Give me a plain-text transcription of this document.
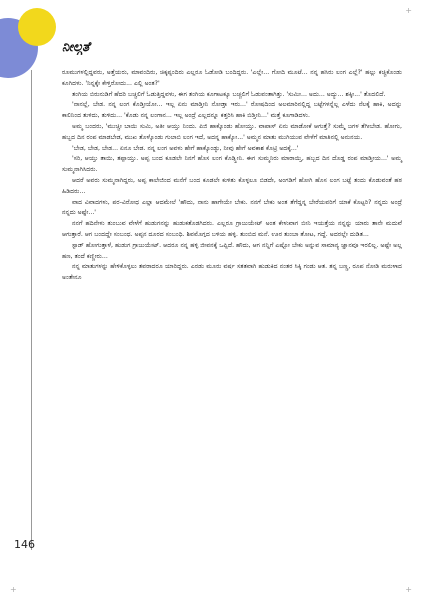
+
+
+
ನೀಲ್ಗತೆ

ರೂಮುಗಳಲ್ಲಿದ್ದವರು, ಅತ್ತೆಯರು, ಮಾವಂದಿರು, ಚಿಕ್ಕಪ್ಪಂದಿರು ಎಲ್ಲರೂ ಓಡೋಡಿ ಬಂದಿದ್ದರು. 'ಎಲ್ಲೇ... ಗೋದಿ ಮೂಟೆ... ನನ್ನ ಹಸಿರು ಲಂಗ ಎಲ್ಲೆ?' ಹಲ್ಲು ಕಚ್ಚಿಕೊಂಡು ಕೂಗಿದಳು. 'ನಿನ್ನಕ್ಕೇ ಕೇಳ್ತಿರೋದು... ಎಲ್ಲಿ ಅಂತ?'

ತಂಗಿಯ ಬಿರುನುಡಿಗೆ ಹೆದರಿ ಬಚ್ಚಲಿಗೆ ಓಡುತ್ತಿದ್ದವಳು, ಈಗ ತಂಗಿಯ ಕೂಗಾಟಕ್ಕೂ ಬಚ್ಚಲಿಗೆ ಓಡುವಂತಾಗಿತ್ತು. 'ಸುಮೀ... ಅದು... ಅದ್ಯು... ಶಕ್ಕೀ...' ತೊದಲಿದೆ.

'ನಾನಲ್ಲೆ, ಬೇಡ. ನನ್ನ ಲಂಗ ಕೊಡ್ತೀಯೋ... ಇಲ್ಲ ಏನು ಮಾಡ್ತೀನಿ ನೋಡ್ತಾ ಇರು...' ರೋಷದಿಂದ ಅಲಮಾರಿನಲ್ಲಿದ್ದ ಬಟ್ಟೆಗಳನ್ನೆಲ್ಲ ಎಳೆದು ನೆಲಕ್ಕೆ ಹಾಕಿ, ಅದನ್ನು ಕಾಲಿನಿಂದ ತುಳಿದು, ತುಳಿದು... 'ಕೊಡು ನನ್ನ ಲಂಗಾನ... ಇಲ್ಲ ಅಂದ್ರೆ ಎಲ್ಲದನ್ನೂ ಕತ್ತರಿಸಿ ಹಾಕಿ ಬಿಡ್ತೀನಿ...' ಮತ್ತೆ ಕೂಗಾಡಿದಳು.

ಅಮ್ಮ ಬಂದರು, 'ಮುಚ್ಚೀ ಬಾಯಿ ಸುಮಿ, ಅತೀ ಆಯ್ತು ನಿಂದು. ಪಿಜಿ ಹಾಕ್ಕೊಂಡು ಹೋಯ್ತು. ವಾಪಾಸ್ ಏನು ಮಾಡೋಕೆ ಆಗುತ್ತೆ? ಸುಮ್ಮೆ ಜಗಳ ತೆಗೀಬೇಡ. ಹೋಗು, ಹಬ್ಬದ ದಿನ ರಂಪ ಮಾಡಬೇಡ, ಮುಖ ತೊಳ್ಕೊಂಡು ಗುಲಾಬಿ ಲಂಗ ಇದೆ, ಅದನ್ನ ಹಾಕ್ಕೋ...' ಅಮ್ಮನ ಮಾತು ಮುಗಿಯುವ ವೇಳೆಗೆ ಮಾತಿನಲ್ಲಿ ಅನುನಯ.

'ಬೇಡ, ಬೇಡ, ಬೇಡ... ಏನೂ ಬೇಡ. ನನ್ನ ಲಂಗ ಅವಳು ಹೇಗೆ ಹಾಕ್ಕೊಂಡ್ಳು, ನೀವು ಹೇಗೆ ಅವಕಾಶ ಕೊಟ್ರಿ ಅದಕ್ಕೆ...'

'ಸರಿ, ಆಯ್ತು ತಾಯಿ, ತಪ್ಪಾಯ್ತು. ಅಪ್ಪ ಬಂದ ಕೂಡಲೇ ನಿನಗೆ ಹೊಸ ಲಂಗ ಕೊಡ್ಸ್ತೀನಿ. ಈಗ ಸುಮ್ಮನಿರು ಮಾರಾಯ್ತಿ, ಹಬ್ಬದ ದಿನ ದೊಡ್ಡ ರಂಪ ಮಾಡ್ತೀಯ...' ಅಮ್ಮ ಸುಮ್ಮನಾಗಿಸಿದರು.

ಆದರೆ ಅವರು ಸುಮ್ಮನಾಗಿದ್ದರು, ಅಪ್ಪ ಕಾಲೇಜಿಂದ ಮನೆಗೆ ಬಂದ ಕೂಡಲೇ ಕುಳಿತು ಕೊಳ್ಳಲೂ ಬಿಡದೇ, ಅಂಗಡಿಗೆ ಹೋಗಿ ಹೊಸ ಲಂಗ ಬಟ್ಟೆ ತಂದು ಕೊಡುವಂತೆ ಹಠ ಹಿಡಿದರು...

ವಾದ ವಿವಾದಗಳು, ಪರ-ವಿರೋಧ ಎಲ್ಲಾ ಆದಮೇಲೆ 'ಹೌದು, ನಾನು ಹಾಗೇಯೇ ಬೇಕು. ನನಗೆ ಬೇಕು ಅಂತ ತೆಗೆದ್ದನ್ನ ಬೇರೆಯವರಿಗೆ ಯಾಕೆ ಕೊಟ್ಟರಿ? ನನ್ನದು ಅಂದ್ರೆ ನನ್ನದು ಅಷ್ಟೇ...'

ನನಗೆ ಹದಿನೇಳು ತುಂಬುವ ವೇಳೆಗೆ ಹುಡುಗನನ್ನು ಹುಡುಕತೊಡಗಿದರು. ಎಲ್ಲರೂ ಗ್ರಾಜುಯೇಟ್ ಅಂತ ಕೇಳುವಾಗ ಬೀನಿ ಇಯತ್ತೆಯ ನನ್ನನ್ನು ಯಾರು ತಾನೇ ಮದುವೆ ಆಗುತ್ತಾರೆ. ಆಗ ಬಂದದ್ದೇ ಸಂಬಂಧ. ಅಪ್ಪನ ದೂರದ ಸಂಬಂಧಿ. ಶಿವಮೊಗ್ಗದ ಬಳಿಯ ಹಳ್ಳಿ. ತುಂಬಿದ ಮನೆ. ಊರ ತುಂಬಾ ತೋಟ, ಗದ್ದೆ. ಅದರಲ್ಲೇ ದುಡಿತ...

ಸ್ಟಾಡ್ ಹೋಗುತ್ತಾಳೆ, ಹುಡುಗ ಗ್ರಾಜುಯೇಟ್. ಆದರೂ ನನ್ನ ಹಳ್ಳಿ ಜೀವನಕ್ಕೆ ಒಪ್ಪಿದೆ. ಹೌದು, ಆಗ ನನ್ನಿಗೆ ಎಷ್ಟೋ ಬೇಕು ಅನ್ನುವ ಸಾಮಾನ್ಯ ಜ್ಞಾನವೂ ಇರಲಿಲ್ಲ. ಅಷ್ಟೇ ಅಲ್ಲ ಹಣ, ತಂದೆ ಕಣ್ಣೀರು...

ನನ್ನ ಮಾತುಗಳನ್ನು ಹೇಳಿಕೊಳ್ಳಲು ತವರಾದರೂ ಯಾರಿದ್ದರು. ಎರಡು ಮೂರು ವರ್ಷ ಸತತವಾಗಿ ಹುಡುಕಿದ ನಂತರ ಸಿಕ್ಕಿ ಗಂಡು ಆತ. ತನ್ನ ಬಣ್ಣ, ರೂಪ ನೋಡಿ ಮರುಳಾದ ಅಂತೇನೂ

146
